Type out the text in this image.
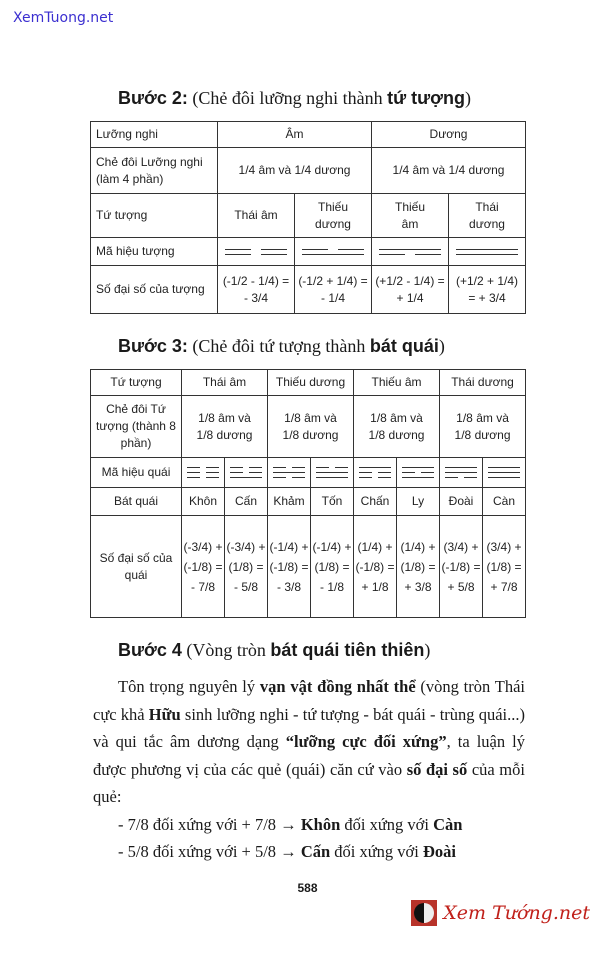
XemTuong.net
Bước 2: (Chẻ đôi lưỡng nghi thành tứ tượng)
Lưỡng nghi	Âm		Dương	
Chẻ đôi Lưỡng nghi (làm 4 phần)	1/4 âm và 1/4 dương		1/4 âm và 1/4 dương	
Tứ tượng	Thái âm	Thiếu dương	Thiếu âm	Thái dương
Mã hiệu tượng	

Số đại số của tượng	(-1/2 - 1/4) = - 3/4	(-1/2 + 1/4) = - 1/4	(+1/2 - 1/4) = + 1/4	(+1/2 + 1/4) = + 3/4
Bước 3: (Chẻ đôi tứ tượng thành bát quái)
Tứ tượng	Thái âm		Thiếu dương		Thiếu âm		Thái dương	
Chẻ đôi Tứ tượng (thành 8 phần)	1/8 âm và 1/8 dương		1/8 âm và 1/8 dương		1/8 âm và 1/8 dương		1/8 âm và 1/8 dương	
Mã hiệu quái	

Bát quái	Khôn	Cấn	Khảm	Tốn	Chấn	Ly	Đoài	Càn
Số đại số của quái	(-3/4) + (-1/8) = - 7/8	(-3/4) + (1/8) = - 5/8	(-1/4) + (-1/8) = - 3/8	(-1/4) + (1/8) = - 1/8	(1/4) + (-1/8) = + 1/8	(1/4) + (1/8) = + 3/8	(3/4) + (-1/8) = + 5/8	(3/4) + (1/8) = + 7/8
Bước 4 (Vòng tròn bát quái tiên thiên)

Tôn trọng nguyên lý vạn vật đồng nhất thể (vòng tròn Thái cực khả Hữu sinh lưỡng nghi - tứ tượng - bát quái - trùng quái...) và qui tắc âm dương dạng “lưỡng cực đối xứng”, ta luận lý được phương vị của các quẻ (quái) căn cứ vào số đại số của mỗi quẻ:

- 7/8 đối xứng với + 7/8 → Khôn đối xứng với Càn

- 5/8 đối xứng với + 5/8 → Cấn đối xứng với Đoài

588
Xem Tướng.net
